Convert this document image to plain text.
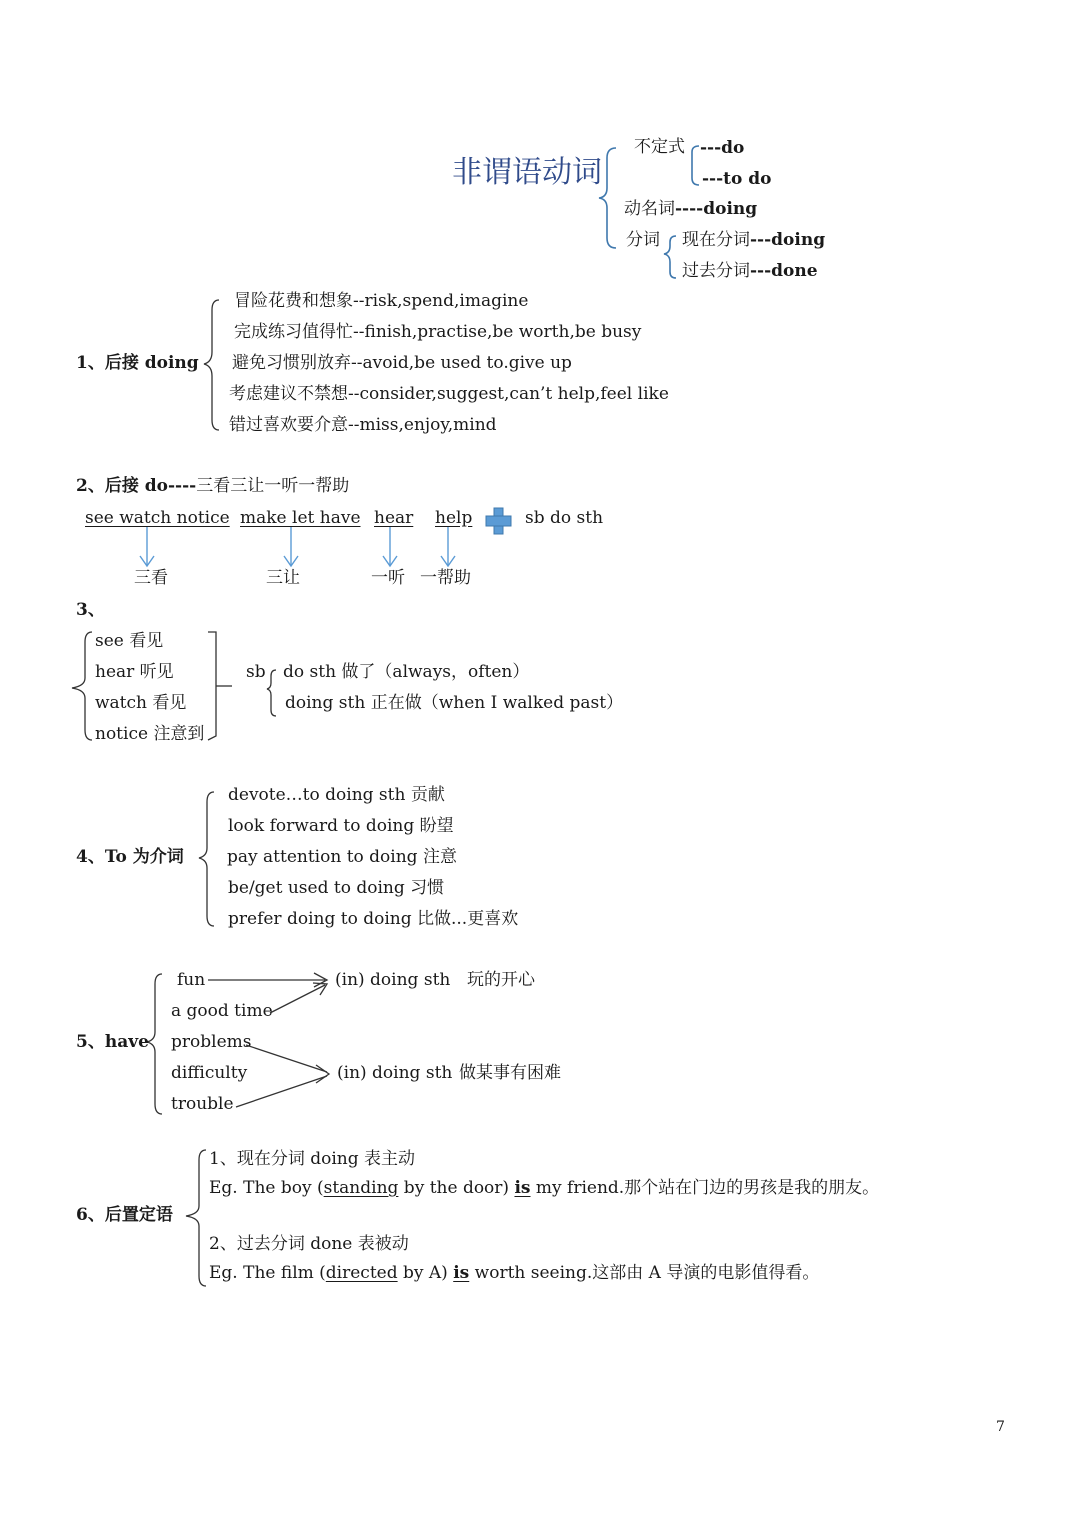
非谓语动词
不定式 ---do
---to do
动名词----doing
分词 现在分词---doing
过去分词---done
1、后接 doing
冒险花费和想象--risk,spend,imagine
完成练习值得忙--finish,practise,be worth,be busy
避免习惯别放弃--avoid,be used to.give up
考虑建议不禁想--consider,suggest,can’t help,feel like
错过喜欢要介意--miss,enjoy,mind
2、后接 do----三看三让一听一帮助
see watch notice make let have hear help	sb do sth
三看	三让	一听 一帮助
3、
see 看见
hear 听见
watch 看见
notice 注意到
sb do sth 做了（always，often）
doing sth 正在做（when I walked past）
4、To 为介词
devote…to doing sth 贡献
look forward to doing 盼望
pay attention to doing 注意
be/get used to doing 习惯
prefer doing to doing 比做...更喜欢
5、have
fun
a good time
problems
difficulty
trouble
(in) doing sth 玩的开心
(in) doing sth 做某事有困难
6、后置定语
1、现在分词 doing 表主动
Eg. The boy (standing by the door) is my friend.那个站在门边的男孩是我的朋友。
2、过去分词 done 表被动
Eg. The film (directed by A) is worth seeing.这部由 A 导演的电影值得看。
7
